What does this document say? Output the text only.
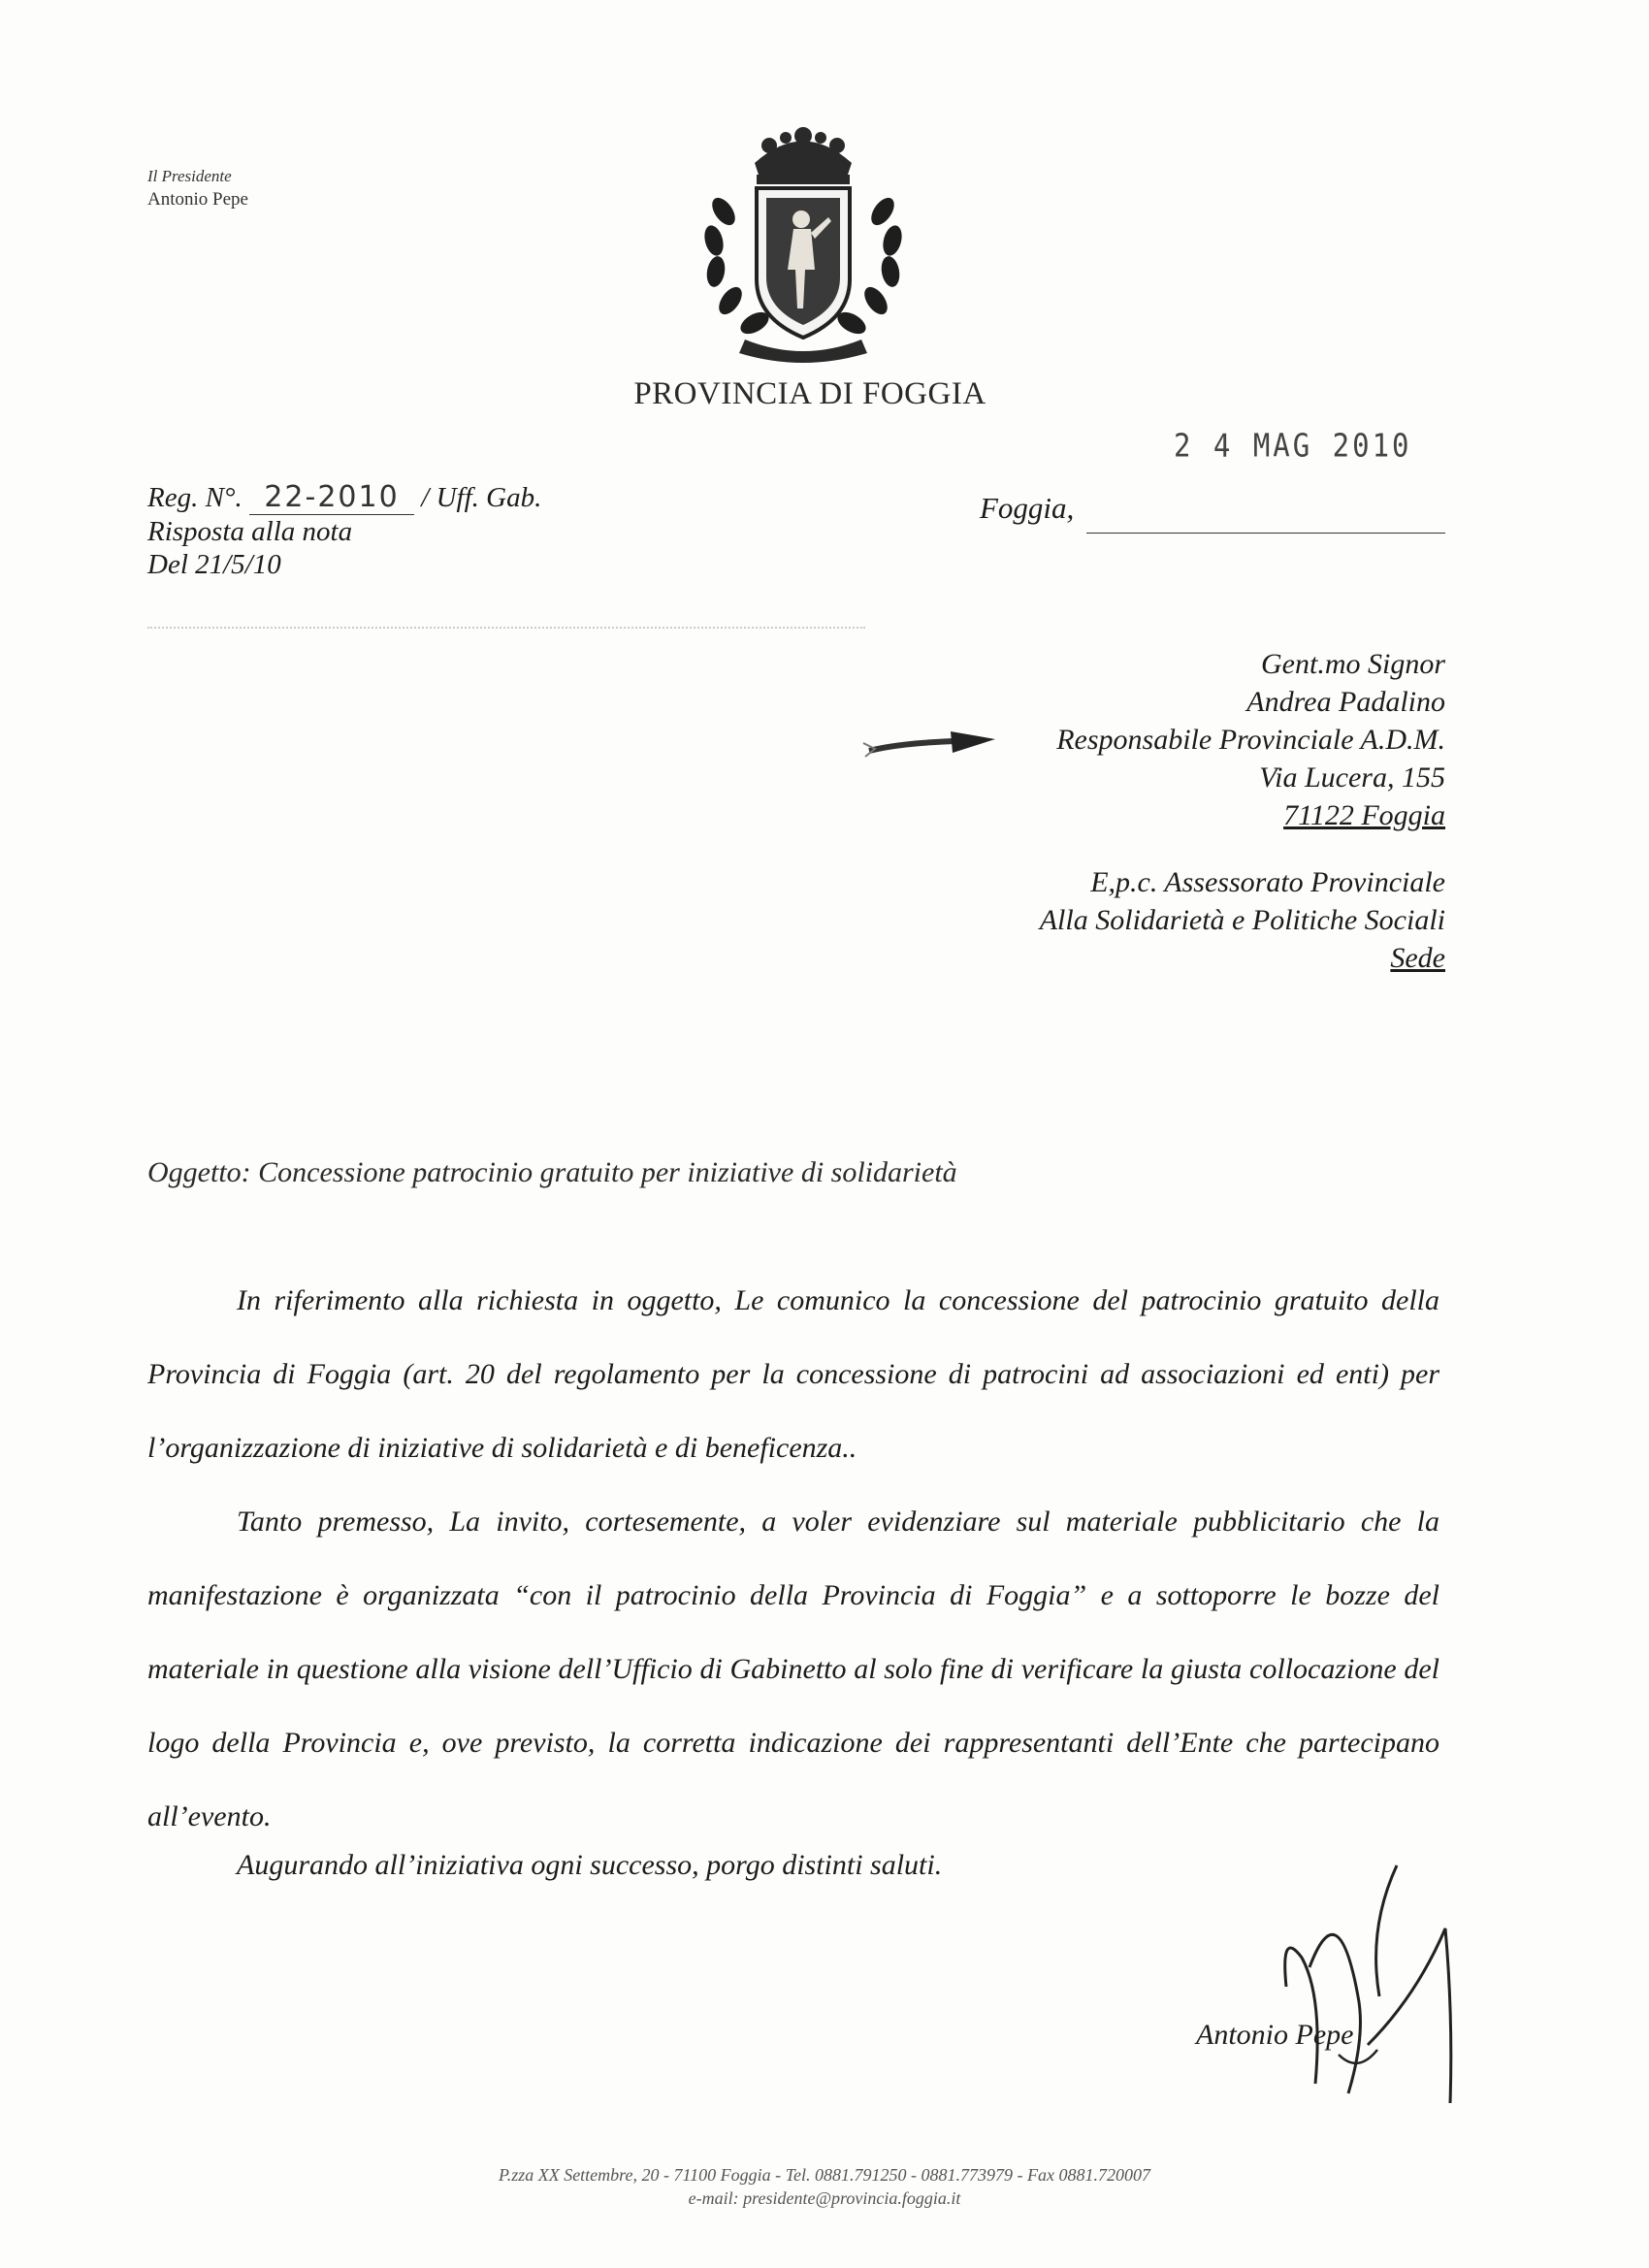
Il Presidente
Antonio Pepe
PROVINCIA DI FOGGIA
2 4 MAG 2010
Reg. N°. 22-2010 / Uff. Gab.
Risposta alla nota
Del 21/5/10
Foggia,
Gent.mo Signor
Andrea Padalino
Responsabile Provinciale A.D.M.
Via Lucera, 155
71122 Foggia
E,p.c. Assessorato Provinciale
Alla Solidarietà e Politiche Sociali
Sede
Oggetto: Concessione patrocinio gratuito per iniziative di solidarietà

In riferimento alla richiesta in oggetto, Le comunico la concessione del patrocinio gratuito della Provincia di Foggia (art. 20 del regolamento per la concessione di patrocini ad associazioni ed enti) per l’organizzazione di iniziative di solidarietà e di beneficenza..

Tanto premesso, La invito, cortesemente, a voler evidenziare sul materiale pubblicitario che la manifestazione è organizzata “con il patrocinio della Provincia di Foggia” e a sottoporre le bozze del materiale in questione alla visione dell’Ufficio di Gabinetto al solo fine di verificare la giusta collocazione del logo della Provincia e, ove previsto, la corretta indicazione dei rappresentanti dell’Ente che partecipano all’evento.

Augurando all’iniziativa ogni successo, porgo distinti saluti.
Antonio Pepe
P.zza XX Settembre, 20 - 71100 Foggia - Tel. 0881.791250 - 0881.773979 - Fax 0881.720007
e-mail: presidente@provincia.foggia.it
